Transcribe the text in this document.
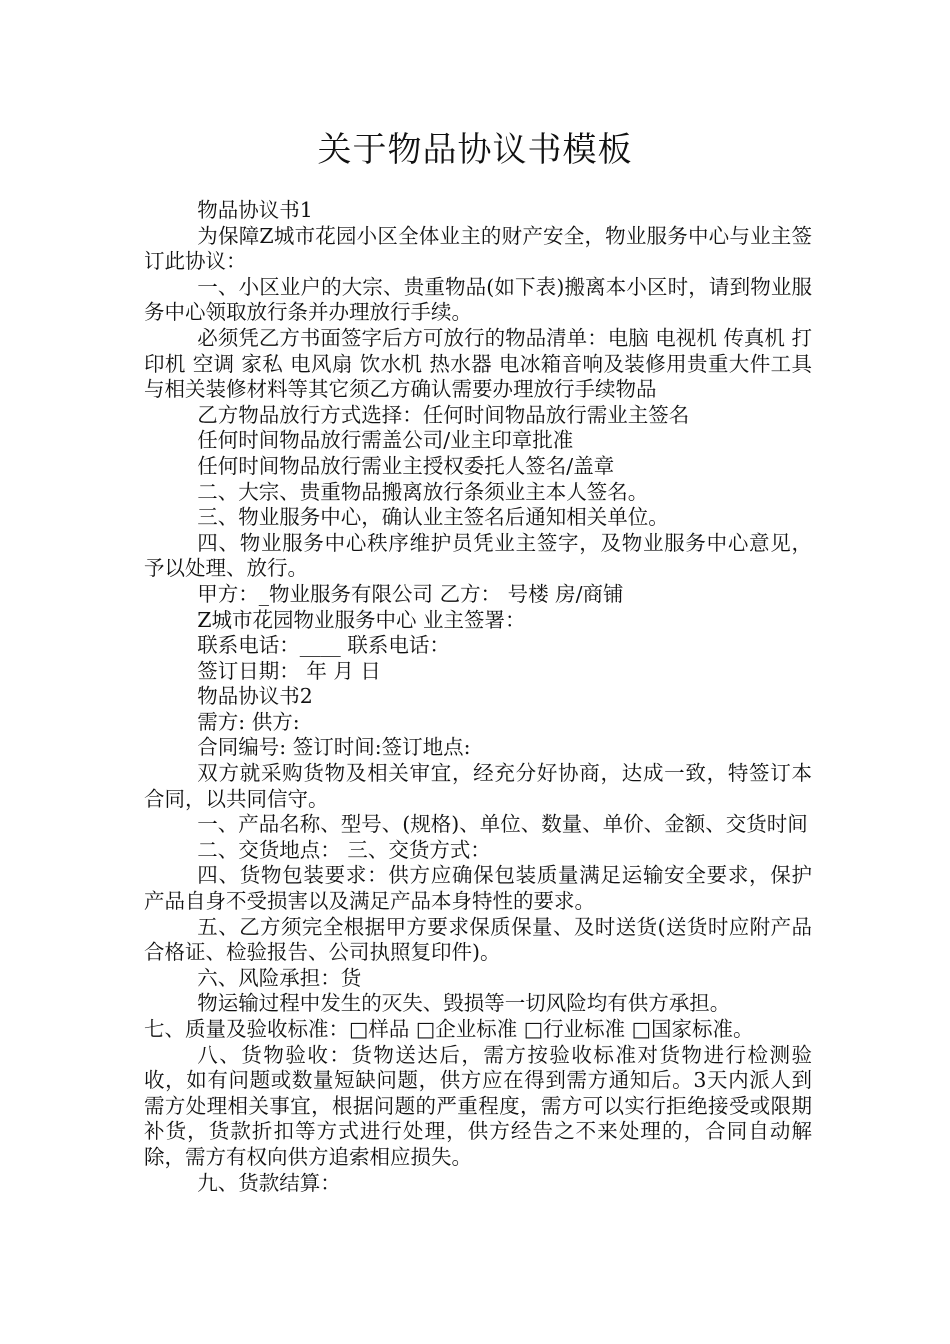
关于物品协议书模板

物品协议书1

为保障Z城市花园小区全体业主的财产安全，物业服务中心与业主签订此协议：

一、小区业户的大宗、贵重物品(如下表)搬离本小区时，请到物业服务中心领取放行条并办理放行手续。

必须凭乙方书面签字后方可放行的物品清单：电脑 电视机 传真机 打印机 空调 家私 电风扇 饮水机 热水器 电冰箱音响及装修用贵重大件工具与相关装修材料等其它须乙方确认需要办理放行手续物品

乙方物品放行方式选择：任何时间物品放行需业主签名

任何时间物品放行需盖公司/业主印章批准

任何时间物品放行需业主授权委托人签名/盖章

二、大宗、贵重物品搬离放行条须业主本人签名。

三、物业服务中心，确认业主签名后通知相关单位。

四、物业服务中心秩序维护员凭业主签字，及物业服务中心意见，予以处理、放行。

甲方：_物业服务有限公司 乙方： 号楼 房/商铺

Z城市花园物业服务中心 业主签署：

联系电话：____ 联系电话：

签订日期： 年 月 日

物品协议书2

需方: 供方:

合同编号: 签订时间:签订地点:

双方就采购货物及相关审宜，经充分好协商，达成一致，特签订本合同，以共同信守。

一、产品名称、型号、(规格)、单位、数量、单价、金额、交货时间

二、交货地点： 三、交货方式：

四、货物包装要求：供方应确保包装质量满足运输安全要求，保护产品自身不受损害以及满足产品本身特性的要求。

五、乙方须完全根据甲方要求保质保量、及时送货(送货时应附产品合格证、检验报告、公司执照复印件)。

六、风险承担：货

物运输过程中发生的灭失、毁损等一切风险均有供方承担。

七、质量及验收标准：□样品 □企业标准 □行业标准 □国家标准。

八、货物验收：货物送达后，需方按验收标准对货物进行检测验收，如有问题或数量短缺问题，供方应在得到需方通知后。3天内派人到需方处理相关事宜，根据问题的严重程度，需方可以实行拒绝接受或限期补货，货款折扣等方式进行处理，供方经告之不来处理的，合同自动解除，需方有权向供方追索相应损失。

九、货款结算：
